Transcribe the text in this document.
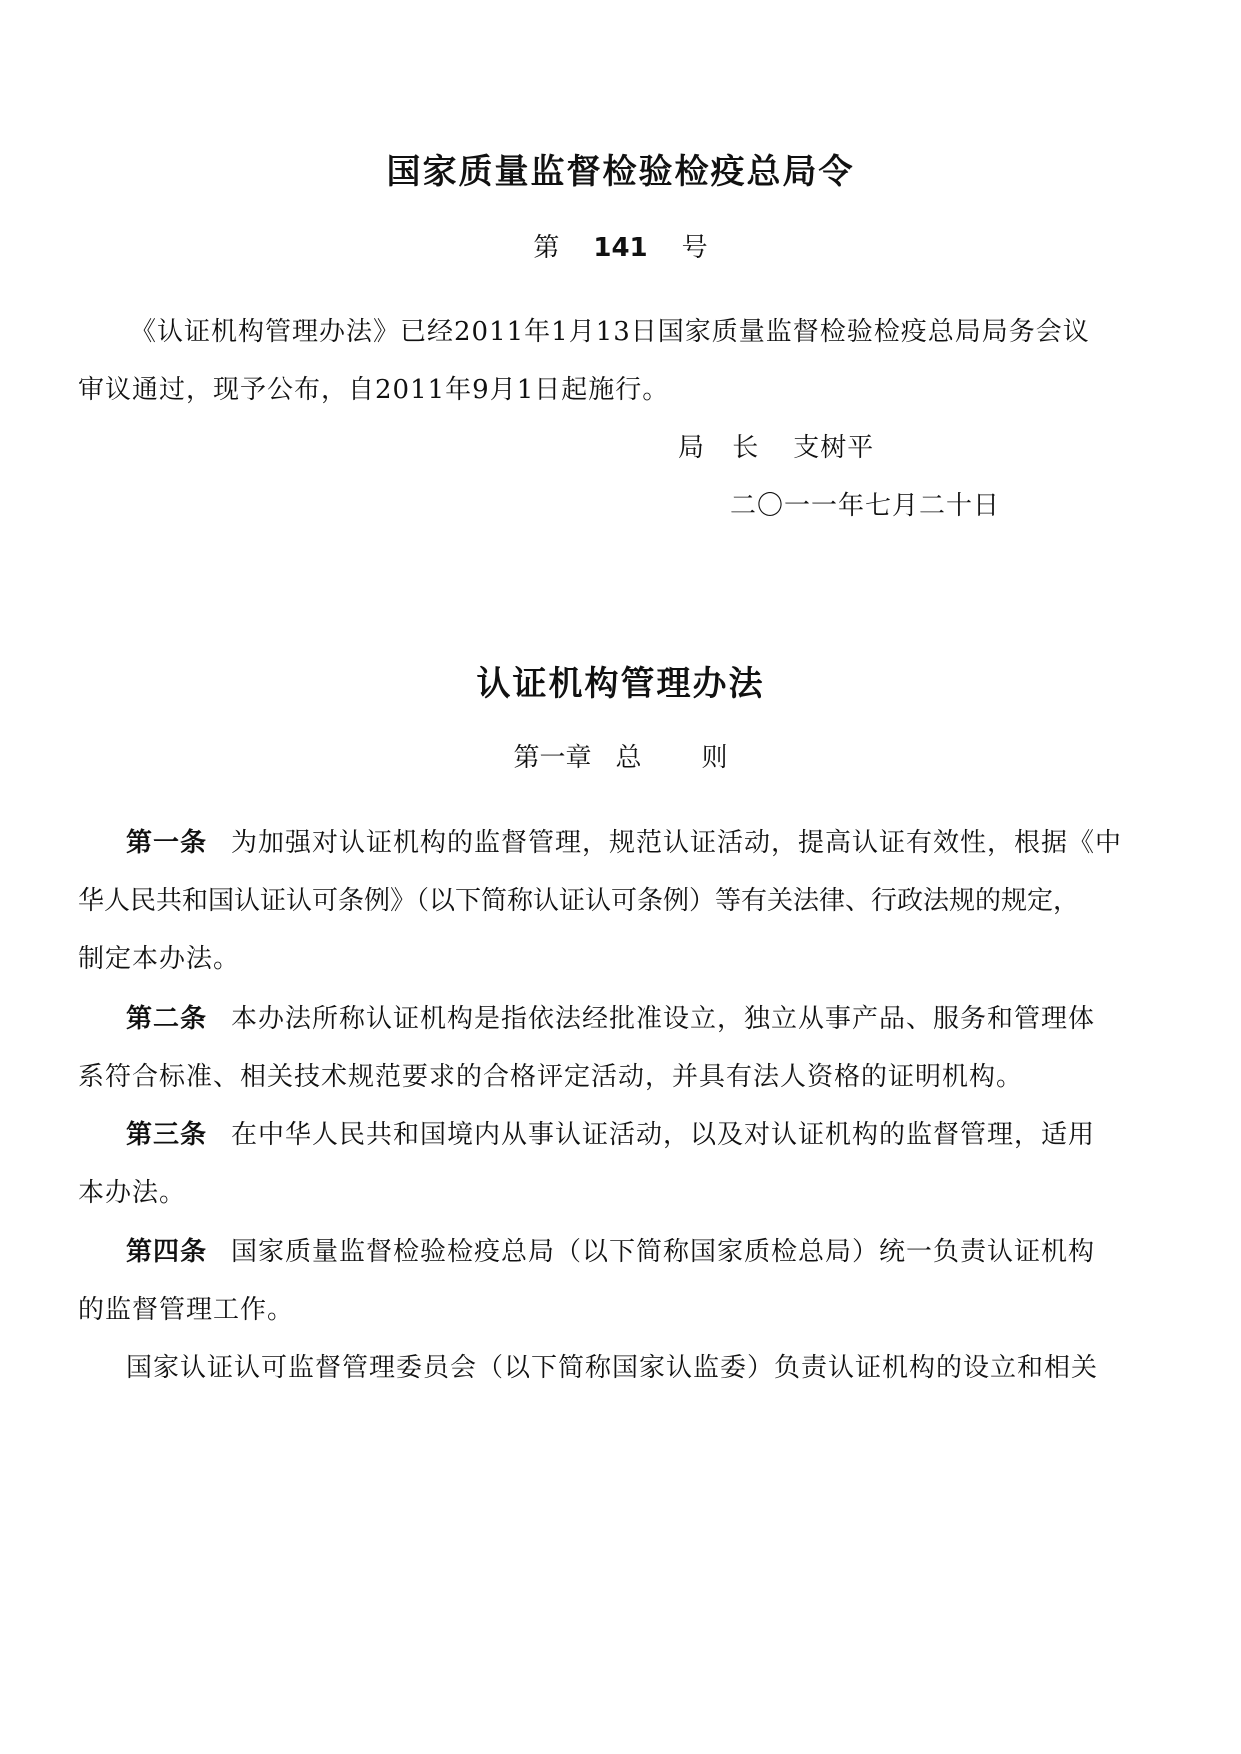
国家质量监督检验检疫总局令
第 141 号
《认证机构管理办法》已经2011年1月13日国家质量监督检验检疫总局局务会议
审议通过，现予公布，自2011年9月1日起施行。
局 长 支树平
二〇一一年七月二十日
认证机构管理办法
第一章 总 则
第一条 为加强对认证机构的监督管理，规范认证活动，提高认证有效性，根据《中
华人民共和国认证认可条例》（以下简称认证认可条例）等有关法律、行政法规的规定，
制定本办法。
第二条 本办法所称认证机构是指依法经批准设立，独立从事产品、服务和管理体
系符合标准、相关技术规范要求的合格评定活动，并具有法人资格的证明机构。
第三条 在中华人民共和国境内从事认证活动，以及对认证机构的监督管理，适用
本办法。
第四条 国家质量监督检验检疫总局（以下简称国家质检总局）统一负责认证机构
的监督管理工作。
国家认证认可监督管理委员会（以下简称国家认监委）负责认证机构的设立和相关
